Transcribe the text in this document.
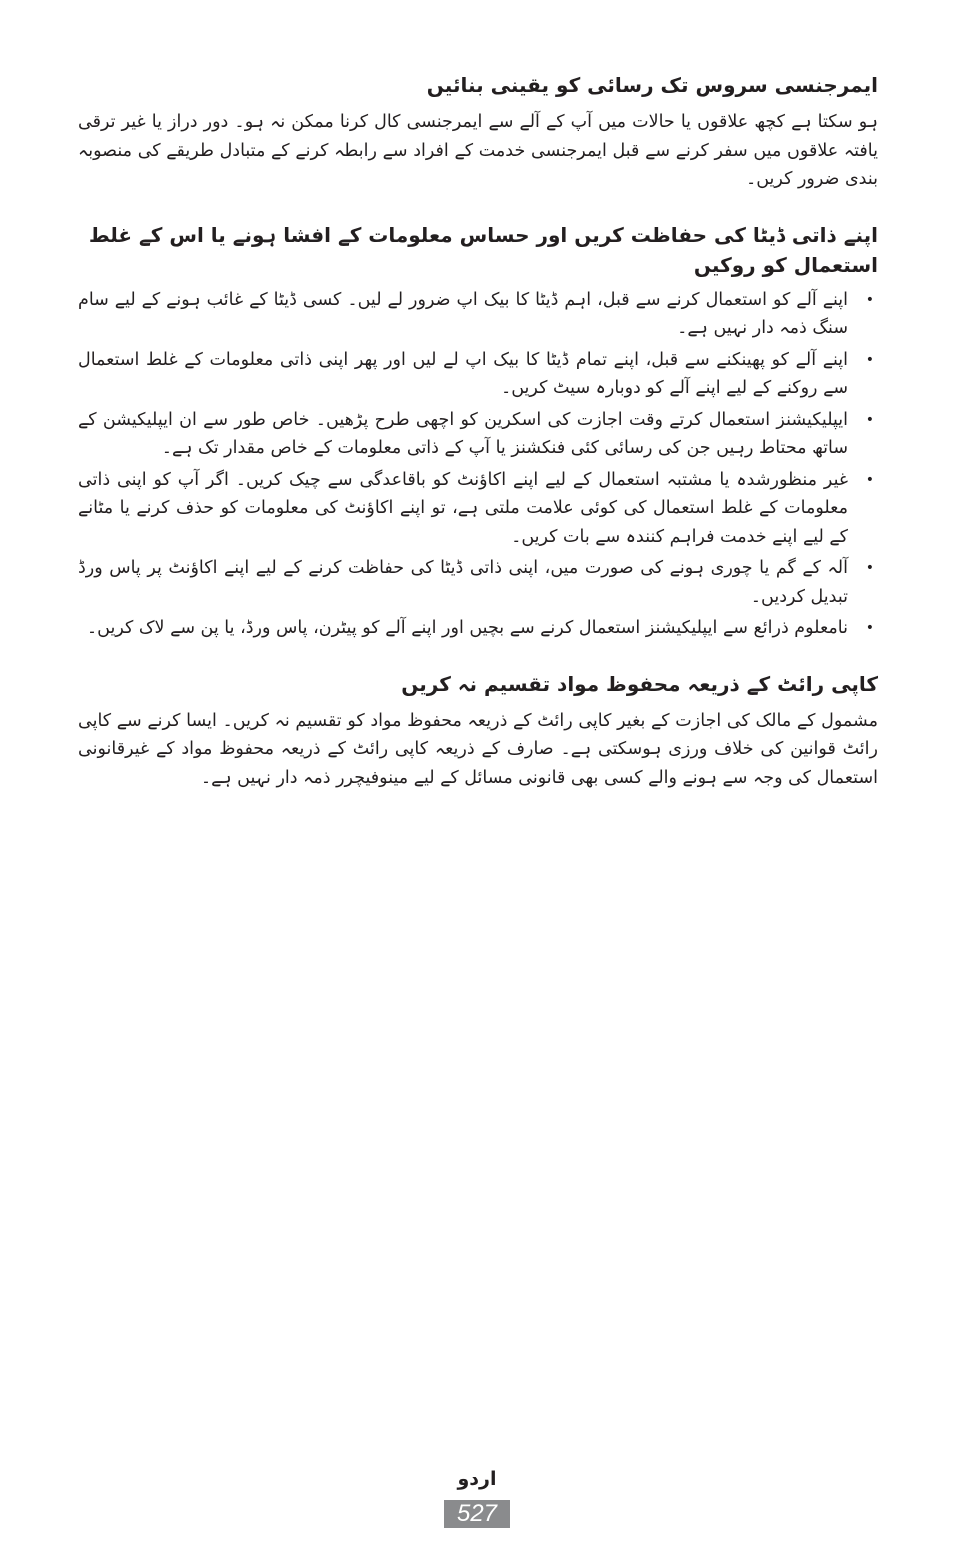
ایمرجنسی سروس تک رسائی کو یقینی بنائیں

ہو سکتا ہے کچھ علاقوں یا حالات میں آپ کے آلے سے ایمرجنسی کال کرنا ممکن نہ ہو۔ دور دراز یا غیر ترقی یافتہ علاقوں میں سفر کرنے سے قبل ایمرجنسی خدمت کے افراد سے رابطہ کرنے کے متبادل طریقے کی منصوبہ بندی ضرور کریں۔

اپنے ذاتی ڈیٹا کی حفاظت کریں اور حساس معلومات کے افشا ہونے یا اس کے غلط استعمال کو روکیں
•
اپنے آلے کو استعمال کرنے سے قبل، اہم ڈیٹا کا بیک اپ ضرور لے لیں۔ کسی ڈیٹا کے غائب ہونے کے لیے سام سنگ ذمہ دار نہیں ہے۔
•
اپنے آلے کو پھینکنے سے قبل، اپنے تمام ڈیٹا کا بیک اپ لے لیں اور پھر اپنی ذاتی معلومات کے غلط استعمال سے روکنے کے لیے اپنے آلے کو دوبارہ سیٹ کریں۔
•
ایپلیکیشنز استعمال کرتے وقت اجازت کی اسکرین کو اچھی طرح پڑھیں۔ خاص طور سے ان ایپلیکیشن کے ساتھ محتاط رہیں جن کی رسائی کئی فنکشنز یا آپ کے ذاتی معلومات کے خاص مقدار تک ہے۔
•
غیر منظورشدہ یا مشتبہ استعمال کے لیے اپنے اکاؤنٹ کو باقاعدگی سے چیک کریں۔ اگر آپ کو اپنی ذاتی معلومات کے غلط استعمال کی کوئی علامت ملتی ہے، تو اپنے اکاؤنٹ کی معلومات کو حذف کرنے یا مٹانے کے لیے اپنے خدمت فراہم کنندہ سے بات کریں۔
•
آلہ کے گم یا چوری ہونے کی صورت میں، اپنی ذاتی ڈیٹا کی حفاظت کرنے کے لیے اپنے اکاؤنٹ پر پاس ورڈ تبدیل کردیں۔
•
نامعلوم ذرائع سے ایپلیکیشنز استعمال کرنے سے بچیں اور اپنے آلے کو پیٹرن، پاس ورڈ، یا پن سے لاک کریں۔
کاپی رائٹ کے ذریعہ محفوظ مواد تقسیم نہ کریں

مشمول کے مالک کی اجازت کے بغیر کاپی رائٹ کے ذریعہ محفوظ مواد کو تقسیم نہ کریں۔ ایسا کرنے سے کاپی رائٹ قوانین کی خلاف ورزی ہوسکتی ہے۔ صارف کے ذریعہ کاپی رائٹ کے ذریعہ محفوظ مواد کے غیرقانونی استعمال کی وجہ سے ہونے والے کسی بھی قانونی مسائل کے لیے مینوفیچرر ذمہ دار نہیں ہے۔

اردو
527
